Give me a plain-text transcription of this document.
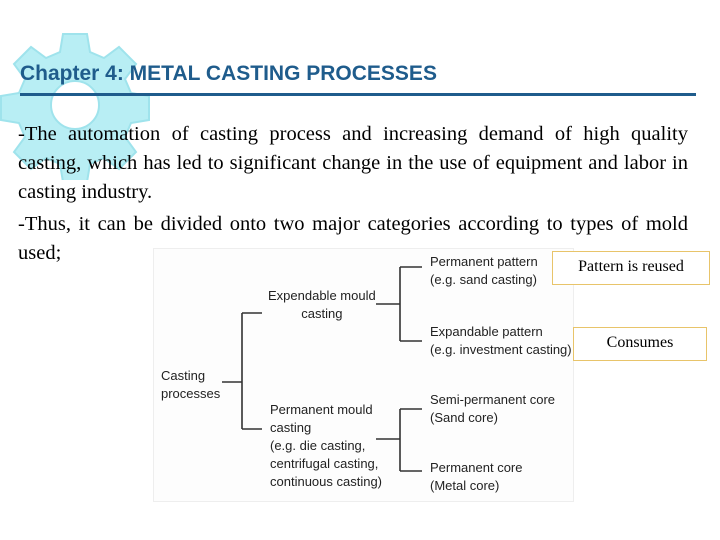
Chapter 4: METAL CASTING PROCESSES

-The automation of casting process and increasing demand of high quality casting, which has led to significant change in the use of equipment and labor in casting industry.

-Thus, it can be divided onto two major categories according to types of mold used;

Casting
processes
Expendable mould
casting
Permanent mould
casting
(e.g. die casting,
centrifugal casting,
continuous casting)
Permanent pattern
(e.g. sand casting)
Expandable pattern
(e.g. investment casting)
Semi-permanent core
(Sand core)
Permanent core
(Metal core)
Pattern is reused
Consumes
